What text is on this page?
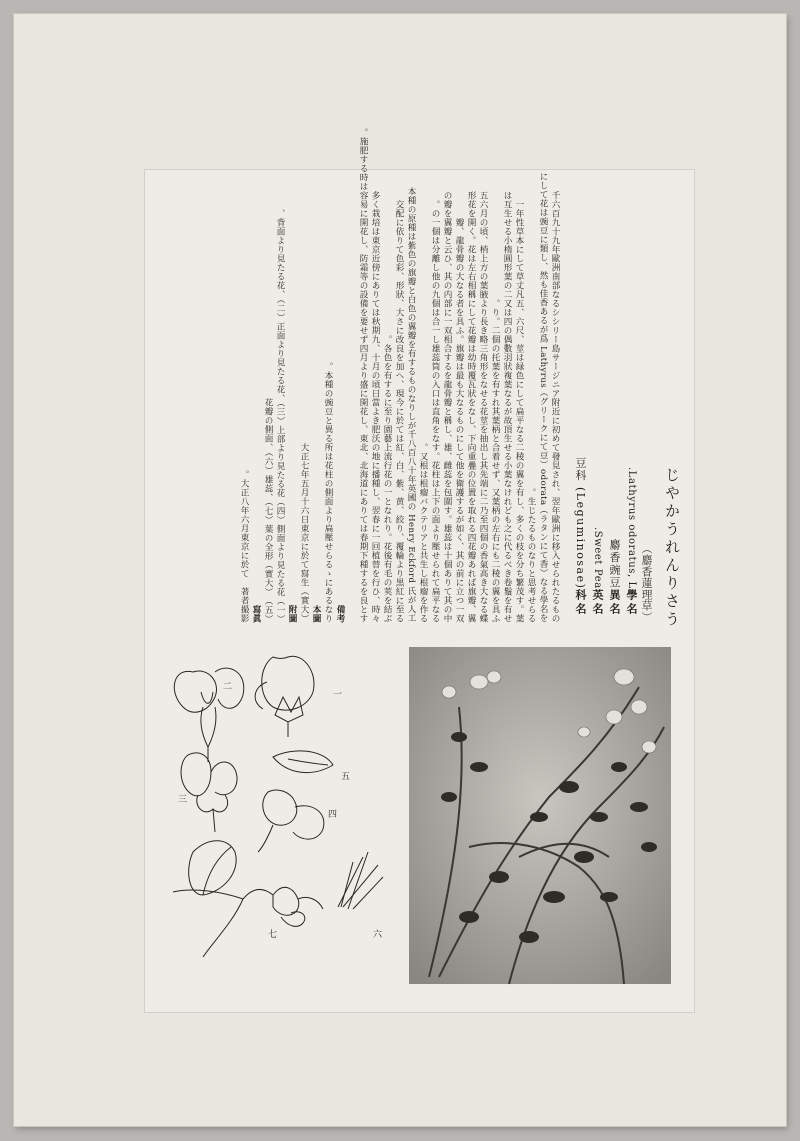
じやかうれんりさう
（麝香蓮理草）
學名Lathyrus odoratus, L.
異名麝香豌豆
英名Sweet Pea.
科名豆科 (Leguminosae)
千六百九十九年歐洲南部なるシシリー島サージニア附近に初めて發見され、翌年歐洲に移入せられたるもの
にして花は豌豆に類し、然も佳香あるが爲 Lathyrus（グリークにて豆）odorata（ラタンにて香）なる學名を
生じたるものなりと思考せらる。
一年性草本にして草丈凡五、六尺、莖は緑色にして扁平なる二稜の翼を有し、多くの枝を分ち繁茂す。葉
は互生せる小楕圓形葉の二又は四の偶數羽狀複葉なるが故頂生せる小葉なけれども之に代るべき卷鬚を有せ
り。二個の托葉を有すれ其葉柄と合着せず、又葉柄の左右にも二稜の翼を具ふ。
五六月の頃、梢上方の葉腋より長き略三角形をなせる花莖を抽出し其先端に二乃至四個の香氣高き大なる蝶
形花を開く。花は左右相稱にして花瓣は幼時覆瓦狀をなし、下向重疊の位置を取れる四花瓣あれば旗瓣、翼
瓣、龍骨瓣の大なる者を具ふ。旗瓣は最も大なるものにして他を衛護するが如く、其の前に立つ一双
の瓣を翼瓣と云ひ、其の内部に一双相合するを龍骨瓣と稱し、雄、雌蕊を包圍す。雄蕊は十個ありて其の中
の一個は分離し他の九個は合一し雄蕊筒の入口は直角をなす。花柱は上下の面より壓せられて扁平なる。
又根は根瘤バクテリアと共生し根瘤を作る。
本種の原種は紫色の旗瓣と白色の翼瓣を有するものなりしが千八百八十年英國の Henry Eckford 氏が人工
交配に依りて色彩、形狀、大さに改良を加へ、現今に於ては紅、白、紫、黄、絞り、覆輪より黒紅に至る
各色を有するに至り園藝上流行花の一となれり。花後有毛の莢を結ぶ。
多く栽培は東京近傍にありては秋期九、十月の頃日當よき肥沃の地に播種し、翌春に一回植替を行ひ、時々
施肥する時は容易に開花し、防霜等の設備を要せず四月より盛に開花し、東北、北海道にありては春期下種するを良とす。
備考
本種の豌豆と異る所は花柱の側面より扁壓せらるゝにあるなり。
本圖
大正七年五月十六日東京に於て寫生（實大）
附圖
（一）背面より見たる花、（二）正面より見たる花、（三）上部より見たる花（四）側面より見たる花、
（五）花瓣の側面、（六）雄蕊、（七）葉の全形（實大）
寫眞
大正八年六月東京に於て　著者撮影。
二
一
三
四
五
六
七
